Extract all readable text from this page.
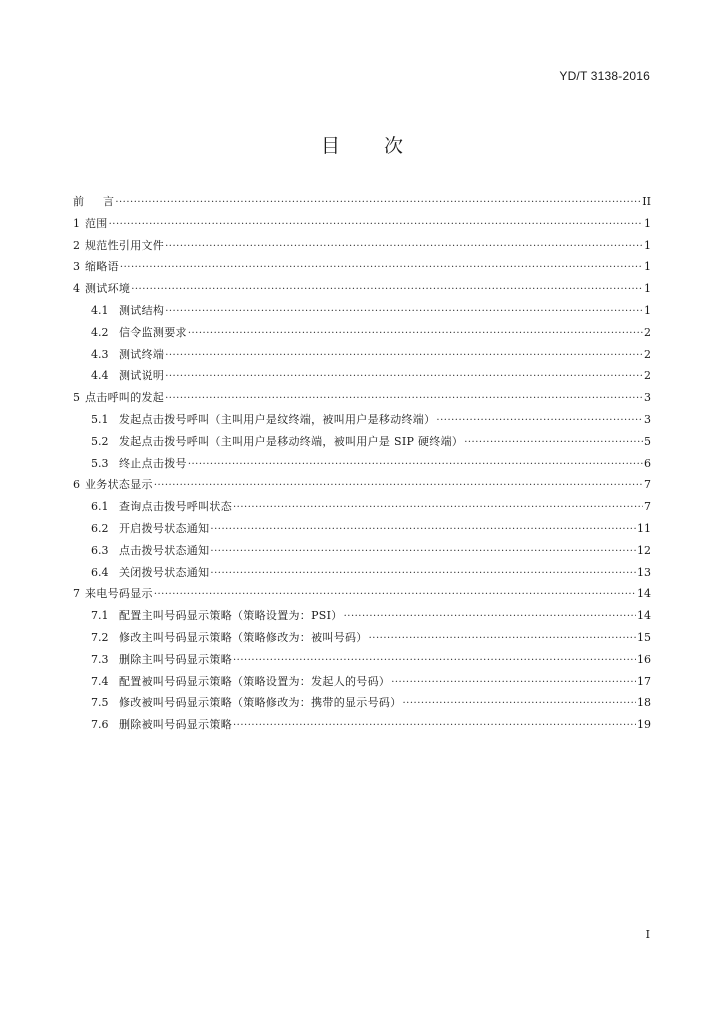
YD/T 3138-2016
目 次
前	言 ·····	II
1 范围 ·····	1
2 规范性引用文件 ·····	1
3 缩略语 ·····	1
4 测试环境 ·····	1
4.1 测试结构 ·····	1
4.2 信令监测要求 ·····	2
4.3 测试终端 ·····	2
4.4 测试说明 ·····	2
5 点击呼叫的发起 ·····	3
5.1 发起点击拨号呼叫（主叫用户是纹终端，被叫用户是移动终端） ·····	3
5.2 发起点击拨号呼叫（主叫用户是移动终端，被叫用户是 SIP 硬终端） ·····	5
5.3 终止点击拨号 ·····	6
6 业务状态显示 ·····	7
6.1 查询点击拨号呼叫状态 ·····	7
6.2 开启拨号状态通知 ·····	11
6.3 点击拨号状态通知 ·····	12
6.4 关闭拨号状态通知 ·····	13
7 来电号码显示 ·····	14
7.1 配置主叫号码显示策略（策略设置为：PSI） ·····	14
7.2 修改主叫号码显示策略（策略修改为：被叫号码） ·····	15
7.3 删除主叫号码显示策略 ·····	16
7.4 配置被叫号码显示策略（策略设置为：发起人的号码） ·····	17
7.5 修改被叫号码显示策略（策略修改为：携带的显示号码） ·····	18
7.6 删除被叫号码显示策略 ·····	19
I
